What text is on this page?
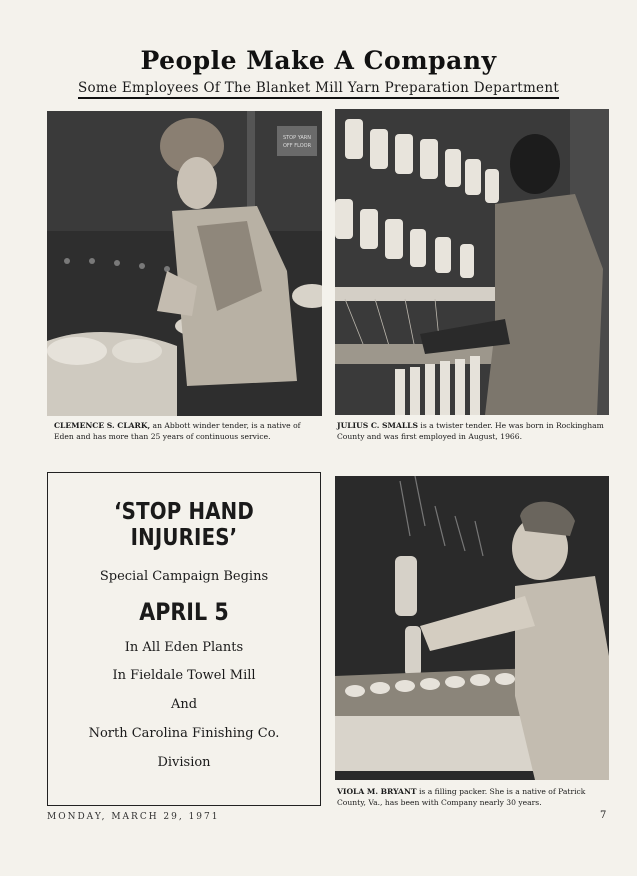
People Make A Company
Some Employees Of The Blanket Mill Yarn Preparation Department
STOP YARN
OFF FLOOR
CLEMENCE S. CLARK, an Abbott winder tender, is a native of Eden and has more than 25 years of continuous service.
JULIUS C. SMALLS is a twister tender. He was born in Rockingham County and was first employed in August, 1966.
‘STOP HAND INJURIES’
Special Campaign Begins
APRIL 5
In All Eden Plants
In Fieldale Towel Mill
And
North Carolina Finishing Co.
Division
VIOLA M. BRYANT is a filling packer. She is a native of Patrick County, Va., has been with Company nearly 30 years.
MONDAY, MARCH 29, 1971	7
